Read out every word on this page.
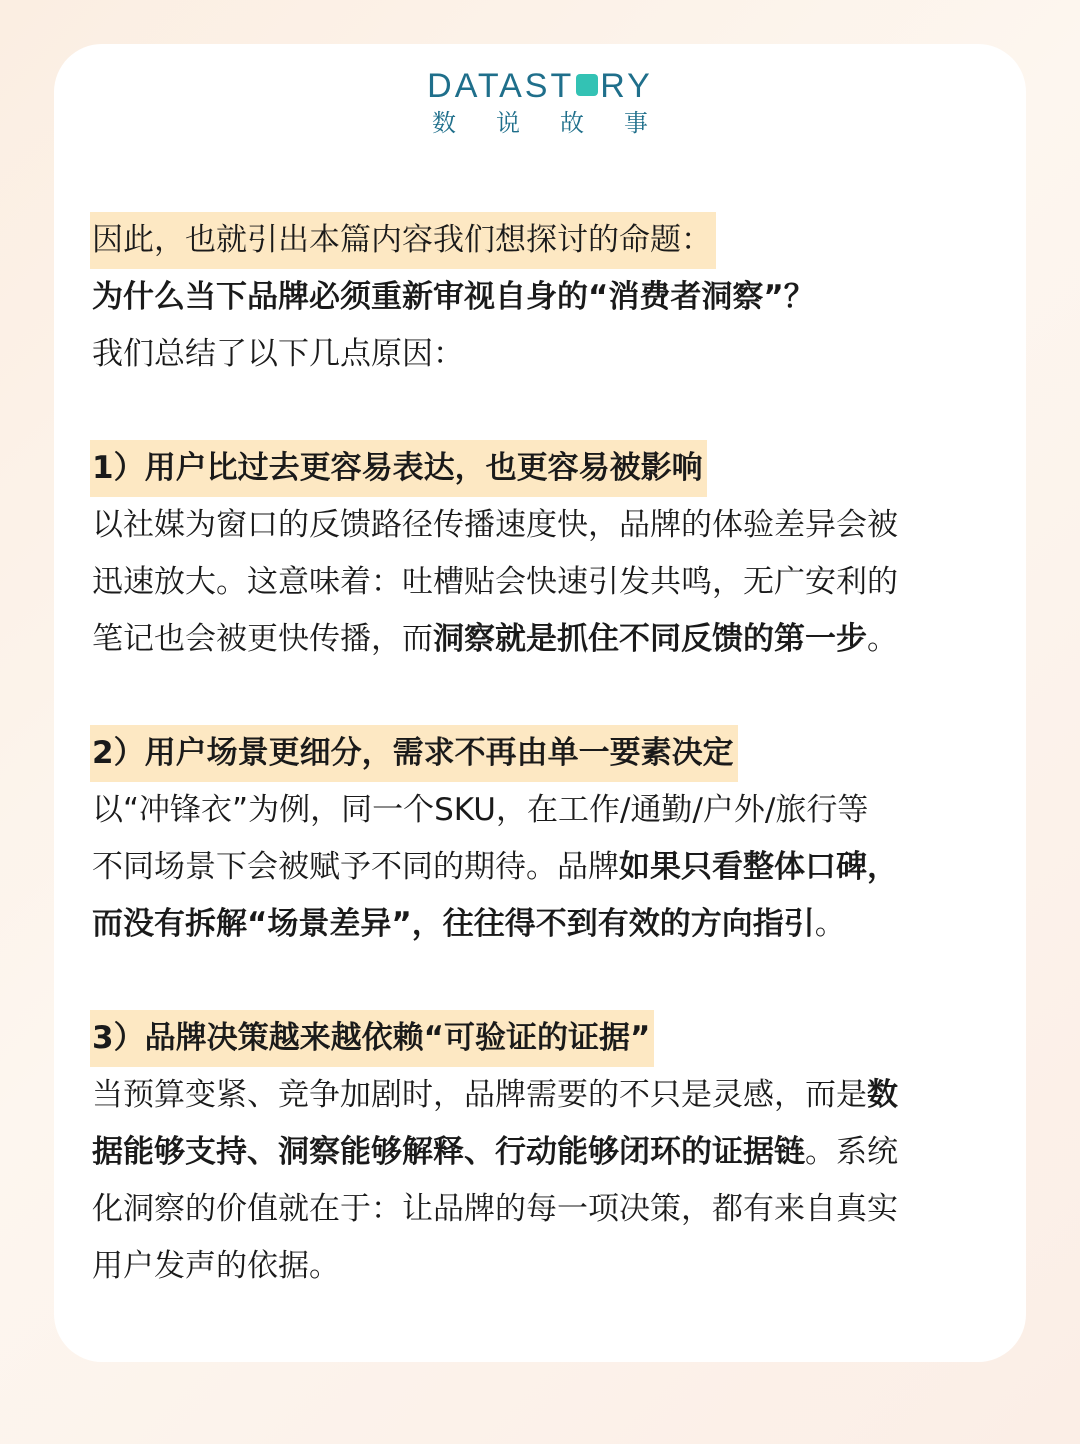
DATAST RY
数说故事
因此，也就引出本篇内容我们想探讨的命题：
为什么当下品牌必须重新审视自身的“消费者洞察”？
我们总结了以下几点原因：
1）用户比过去更容易表达，也更容易被影响
以社媒为窗口的反馈路径传播速度快，品牌的体验差异会被
迅速放大。这意味着：吐槽贴会快速引发共鸣，无广安利的
笔记也会被更快传播，而洞察就是抓住不同反馈的第一步。
2）用户场景更细分，需求不再由单一要素决定
以“冲锋衣”为例，同一个SKU，在工作/通勤/户外/旅行等
不同场景下会被赋予不同的期待。品牌如果只看整体口碑，
而没有拆解“场景差异”，往往得不到有效的方向指引。
3）品牌决策越来越依赖“可验证的证据”
当预算变紧、竞争加剧时，品牌需要的不只是灵感，而是数
据能够支持、洞察能够解释、行动能够闭环的证据链。系统
化洞察的价值就在于：让品牌的每一项决策，都有来自真实
用户发声的依据。
